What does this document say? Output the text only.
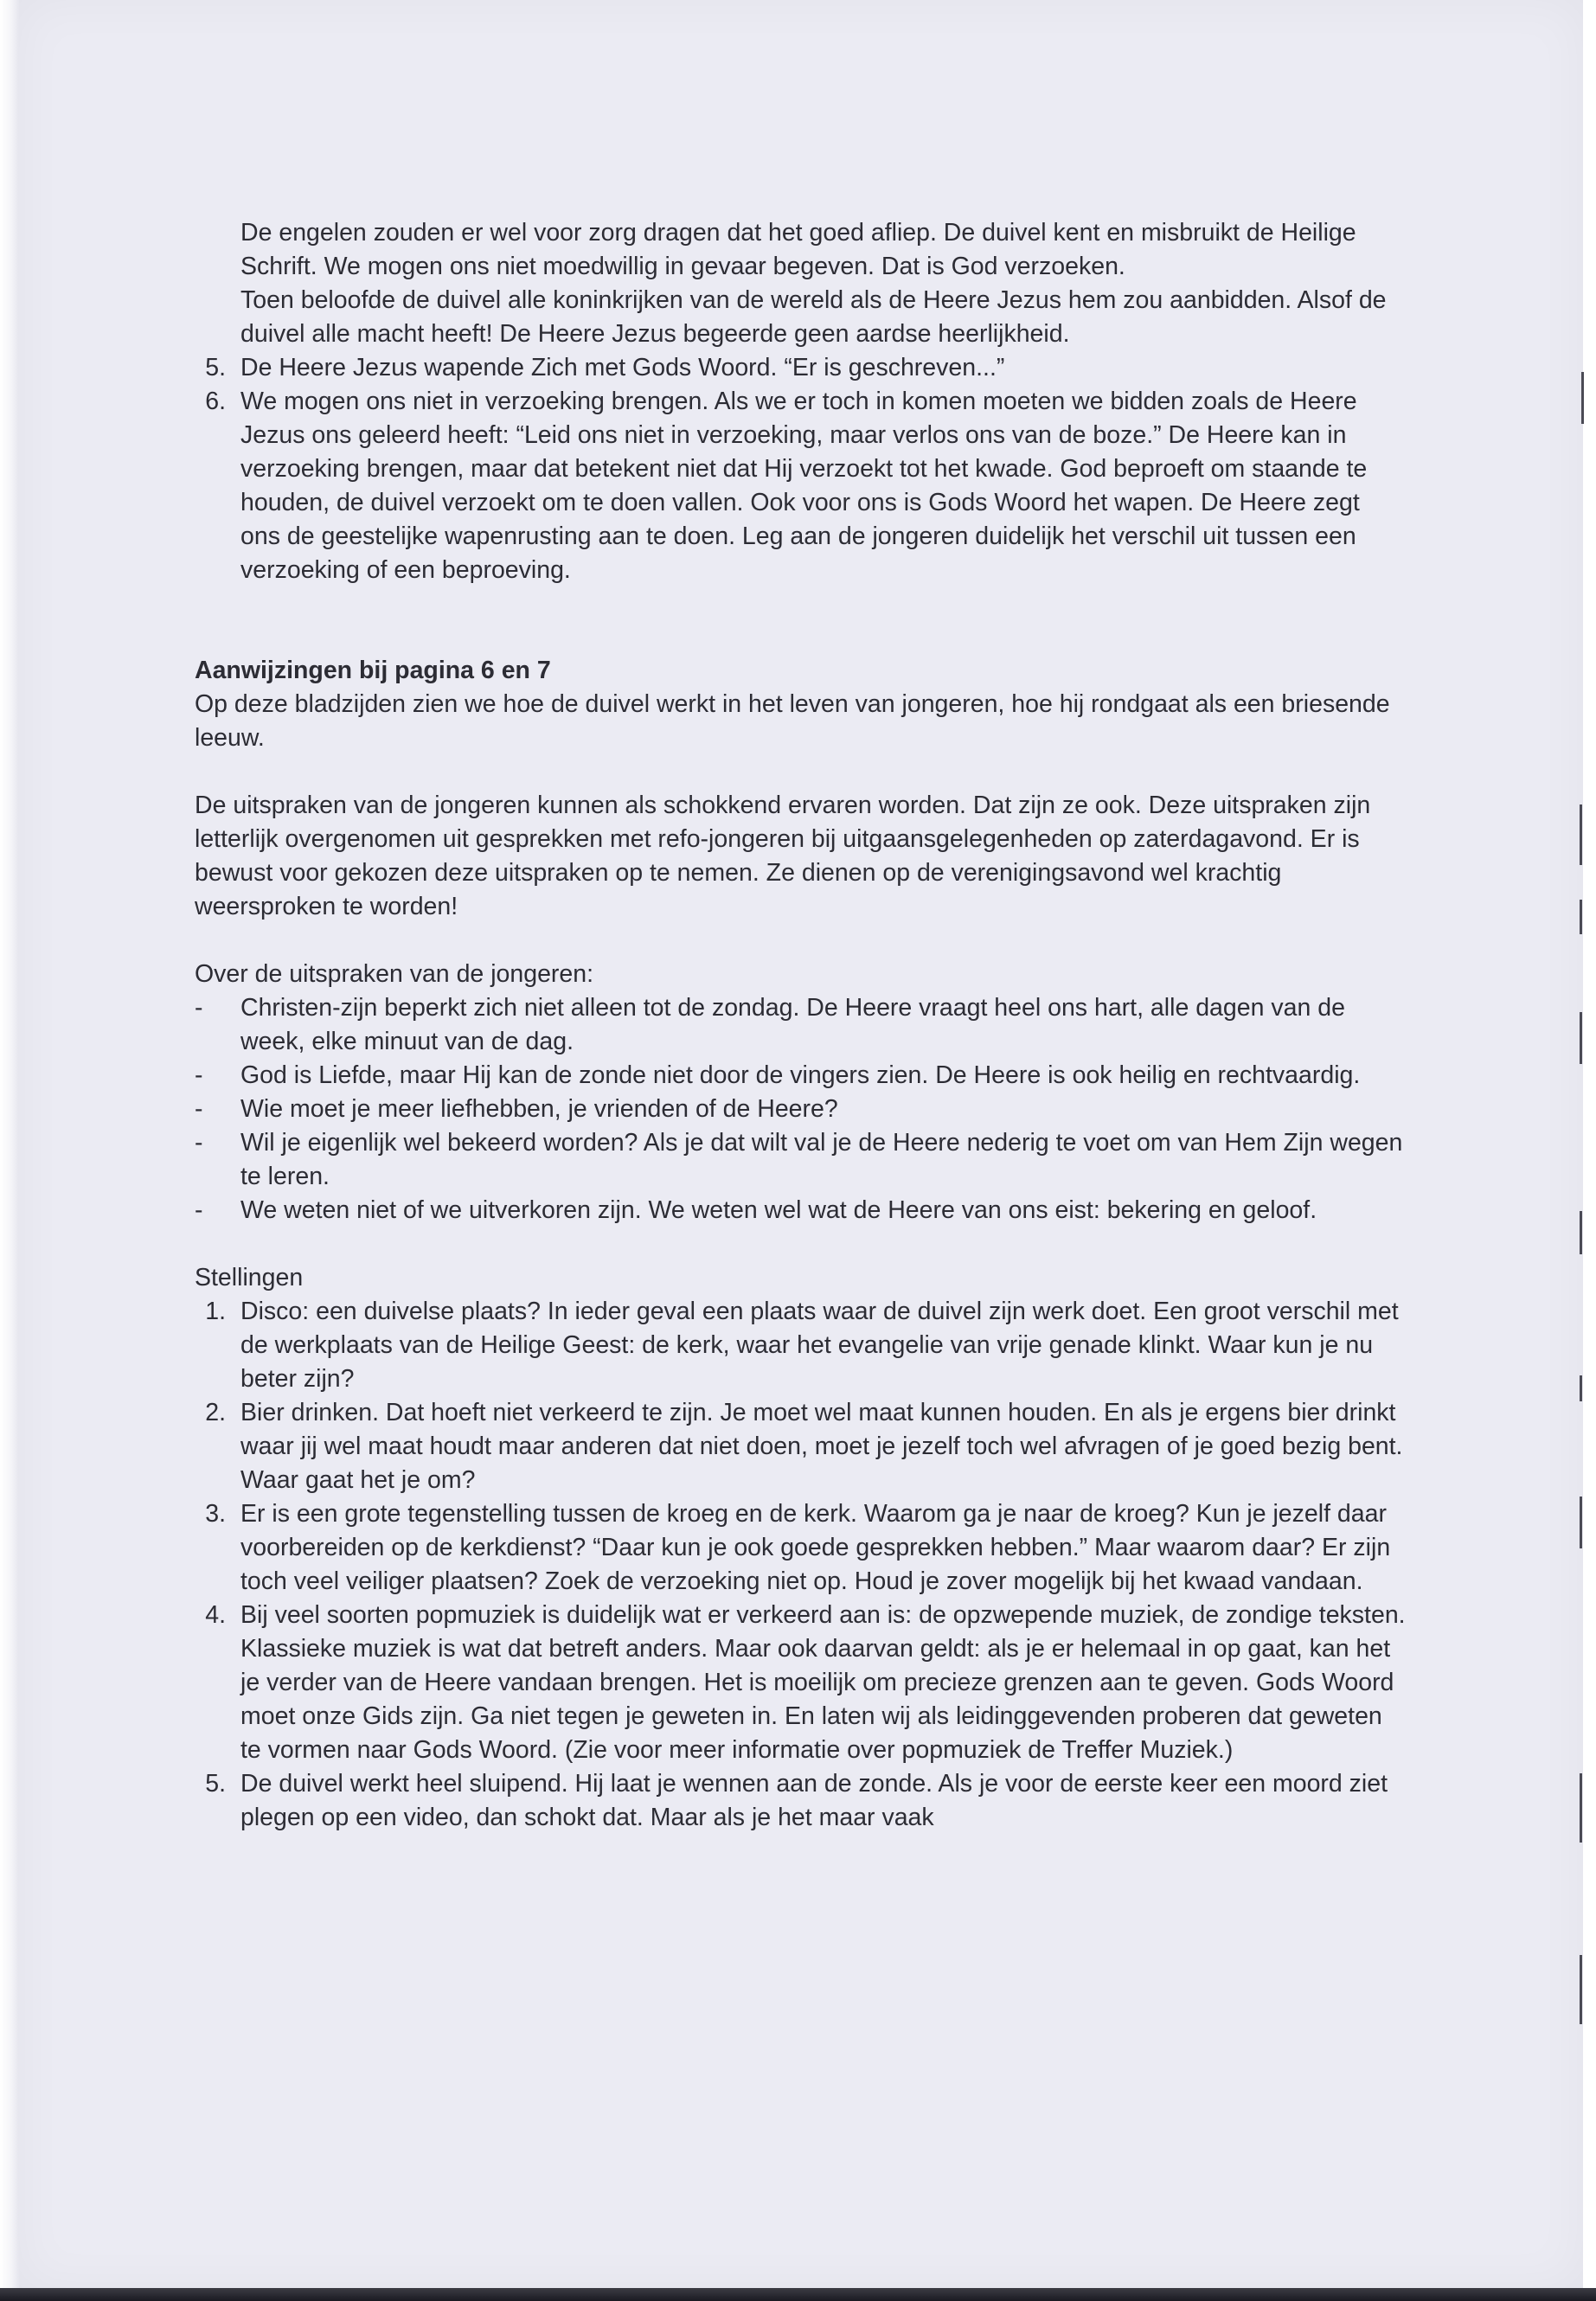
De engelen zouden er wel voor zorg dragen dat het goed afliep. De duivel kent en misbruikt de Heilige Schrift. We mogen ons niet moedwillig in gevaar begeven. Dat is God verzoeken.

Toen beloofde de duivel alle koninkrijken van de wereld als de Heere Jezus hem zou aanbidden. Alsof de duivel alle macht heeft! De Heere Jezus begeerde geen aardse heerlijkheid.

5. De Heere Jezus wapende Zich met Gods Woord. “Er is geschreven...”
6. We mogen ons niet in verzoeking brengen. Als we er toch in komen moeten we bidden zoals de Heere Jezus ons geleerd heeft: “Leid ons niet in verzoeking, maar verlos ons van de boze.” De Heere kan in verzoeking brengen, maar dat betekent niet dat Hij verzoekt tot het kwade. God beproeft om staande te houden, de duivel verzoekt om te doen vallen. Ook voor ons is Gods Woord het wapen. De Heere zegt ons de geestelijke wapenrusting aan te doen. Leg aan de jongeren duidelijk het verschil uit tussen een verzoeking of een beproeving.

Aanwijzingen bij pagina 6 en 7

Op deze bladzijden zien we hoe de duivel werkt in het leven van jongeren, hoe hij rondgaat als een briesende leeuw.

De uitspraken van de jongeren kunnen als schokkend ervaren worden. Dat zijn ze ook. Deze uitspraken zijn letterlijk overgenomen uit gesprekken met refo-jongeren bij uitgaansgelegenheden op zaterdagavond. Er is bewust voor gekozen deze uitspraken op te nemen. Ze dienen op de verenigingsavond wel krachtig weersproken te worden!

Over de uitspraken van de jongeren:

-	Christen-zijn beperkt zich niet alleen tot de zondag. De Heere vraagt heel ons hart, alle dagen van de week, elke minuut van de dag.
-	God is Liefde, maar Hij kan de zonde niet door de vingers zien. De Heere is ook heilig en rechtvaardig.
-	Wie moet je meer liefhebben, je vrienden of de Heere?
-	Wil je eigenlijk wel bekeerd worden? Als je dat wilt val je de Heere nederig te voet om van Hem Zijn wegen te leren.
-	We weten niet of we uitverkoren zijn. We weten wel wat de Heere van ons eist: bekering en geloof.

Stellingen

1. Disco: een duivelse plaats? In ieder geval een plaats waar de duivel zijn werk doet. Een groot verschil met de werkplaats van de Heilige Geest: de kerk, waar het evangelie van vrije genade klinkt. Waar kun je nu beter zijn?
2. Bier drinken. Dat hoeft niet verkeerd te zijn. Je moet wel maat kunnen houden. En als je ergens bier drinkt waar jij wel maat houdt maar anderen dat niet doen, moet je jezelf toch wel afvragen of je goed bezig bent. Waar gaat het je om?
3. Er is een grote tegenstelling tussen de kroeg en de kerk. Waarom ga je naar de kroeg? Kun je jezelf daar voorbereiden op de kerkdienst? “Daar kun je ook goede gesprekken hebben.” Maar waarom daar? Er zijn toch veel veiliger plaatsen? Zoek de verzoeking niet op. Houd je zover mogelijk bij het kwaad vandaan.
4. Bij veel soorten popmuziek is duidelijk wat er verkeerd aan is: de opzwepende muziek, de zondige teksten. Klassieke muziek is wat dat betreft anders. Maar ook daarvan geldt: als je er helemaal in op gaat, kan het je verder van de Heere vandaan brengen. Het is moeilijk om precieze grenzen aan te geven. Gods Woord moet onze Gids zijn. Ga niet tegen je geweten in. En laten wij als leidinggevenden proberen dat geweten te vormen naar Gods Woord. (Zie voor meer informatie over popmuziek de Treffer Muziek.)
5. De duivel werkt heel sluipend. Hij laat je wennen aan de zonde. Als je voor de eerste keer een moord ziet plegen op een video, dan schokt dat. Maar als je het maar vaak
